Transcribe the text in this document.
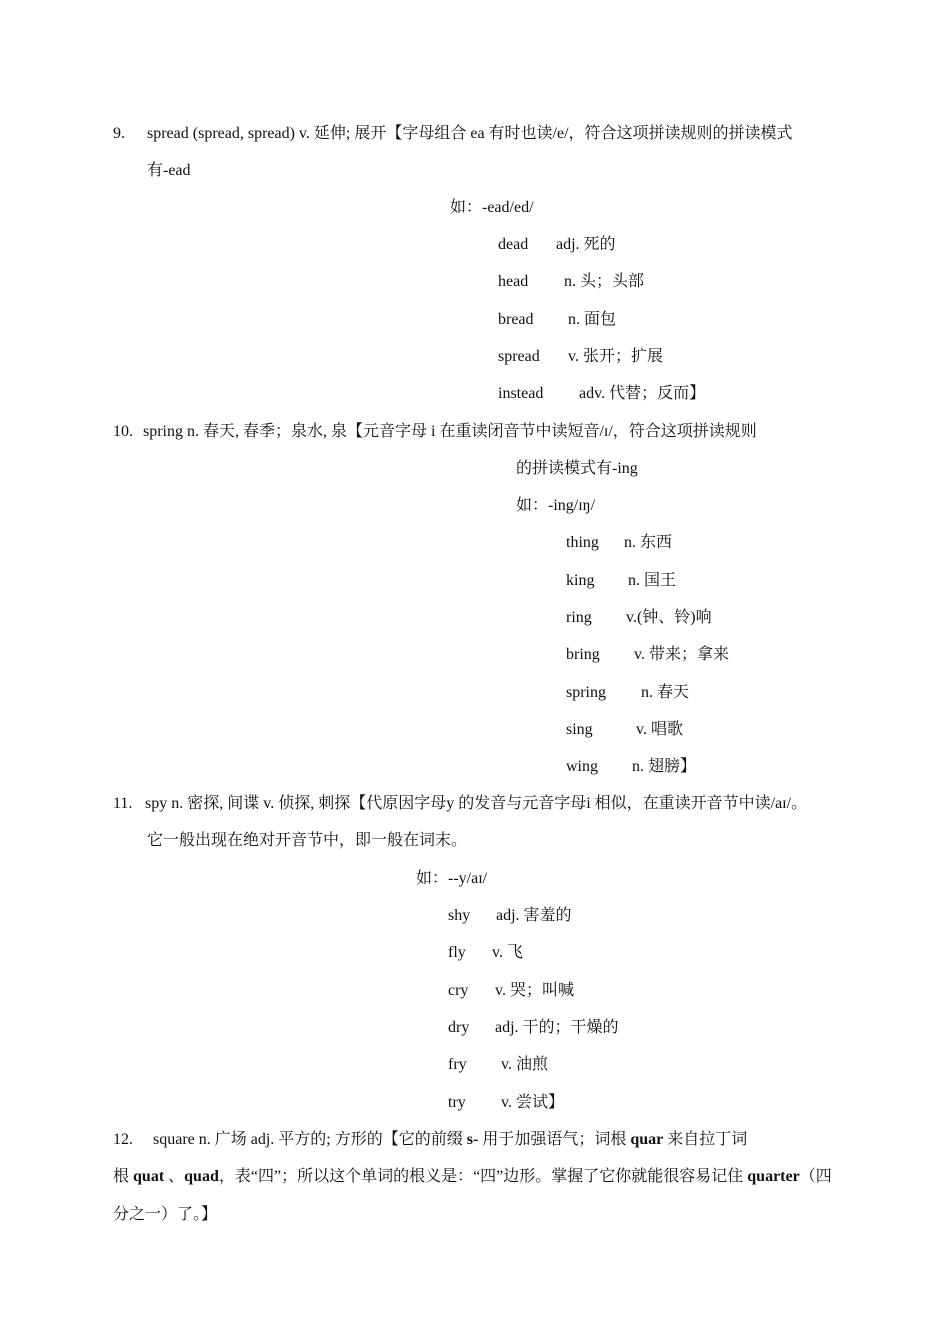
9. spread (spread, spread) v. 延伸; 展开【字母组合 ea 有时也读/e/，符合这项拼读规则的拼读模式
有-ead
如：-ead/ed/
dead adj. 死的
head n. 头；头部
bread n. 面包
spread v. 张开；扩展
instead adv. 代替；反而】
10. spring n. 春天, 春季；泉水, 泉【元音字母 i 在重读闭音节中读短音/ɪ/，符合这项拼读规则
的拼读模式有-ing
如：-ing/ɪŋ/
thing n. 东西
king n. 国王
ring v.(钟、铃)响
bring v. 带来；拿来
spring n. 春天
sing	v. 唱歌
wing n. 翅膀】
11. spy n. 密探, 间谍 v. 侦探, 刺探【代原因字母y 的发音与元音字母i 相似，在重读开音节中读/aɪ/。
它一般出现在绝对开音节中，即一般在词末。
如：--y/aɪ/
shy adj. 害羞的
fly v. 飞
cry v. 哭；叫喊
dry adj. 干的；干燥的
fry v. 油煎
try v. 尝试】
12. square n. 广场 adj. 平方的; 方形的【它的前缀 s- 用于加强语气；词根 quar 来自拉丁词
根 quat 、quad，表“四”；所以这个单词的根义是：“四”边形。掌握了它你就能很容易记住 quarter（四
分之一）了。】
